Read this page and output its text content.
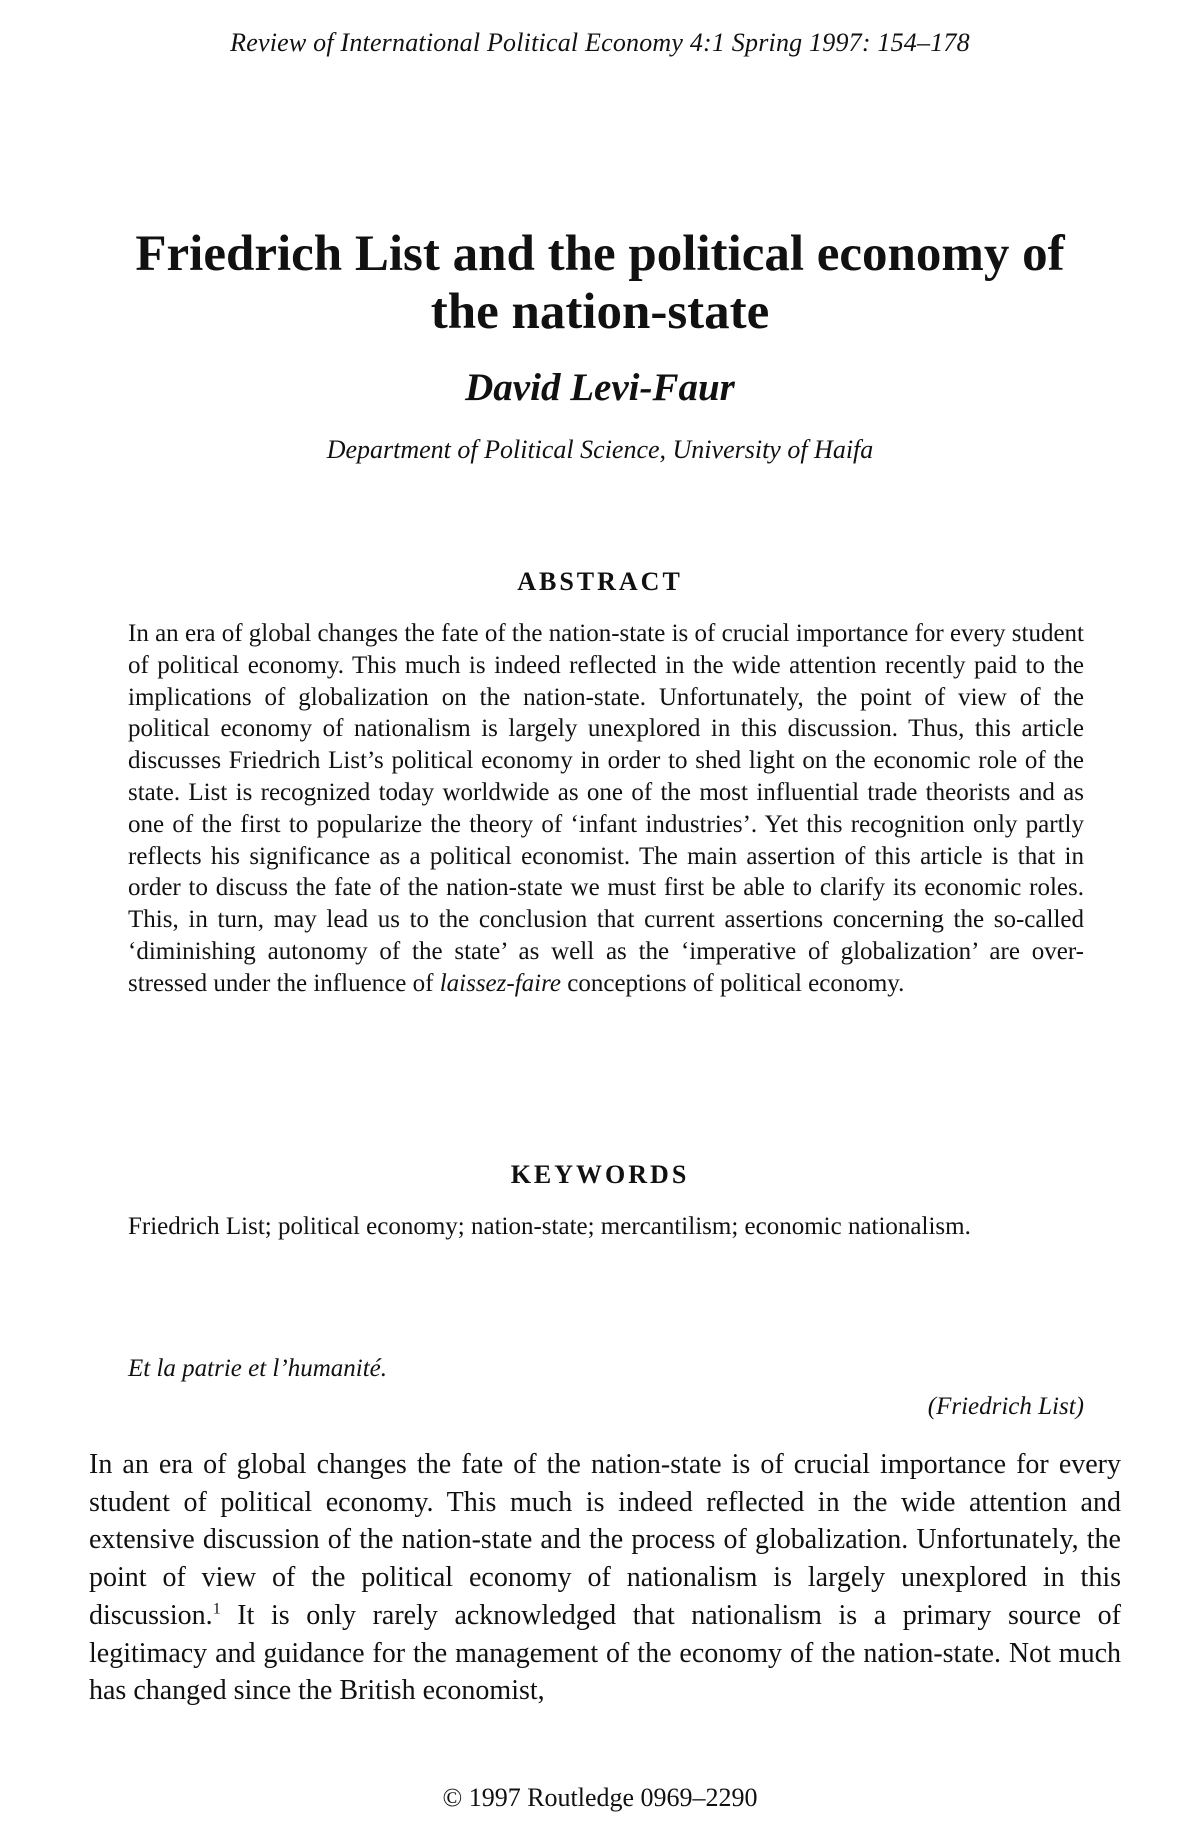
Review of International Political Economy 4:1 Spring 1997: 154–178
Friedrich List and the political economy of the nation-state
David Levi-Faur
Department of Political Science, University of Haifa
ABSTRACT

In an era of global changes the fate of the nation-state is of crucial importance for every student of political economy. This much is indeed reflected in the wide attention recently paid to the implications of globalization on the nation-state. Unfortunately, the point of view of the political economy of nationalism is largely unexplored in this discussion. Thus, this article discusses Friedrich List’s political economy in order to shed light on the economic role of the state. List is recognized today worldwide as one of the most influential trade theorists and as one of the first to popularize the theory of ‘infant industries’. Yet this recognition only partly reflects his significance as a political economist. The main assertion of this article is that in order to discuss the fate of the nation-state we must first be able to clarify its economic roles. This, in turn, may lead us to the conclusion that current assertions concerning the so-called ‘diminishing autonomy of the state’ as well as the ‘imperative of globalization’ are over-stressed under the influence of laissez-faire conceptions of political economy.

KEYWORDS

Friedrich List; political economy; nation-state; mercantilism; economic nationalism.

Et la patrie et l’humanité.
(Friedrich List)

In an era of global changes the fate of the nation-state is of crucial importance for every student of political economy. This much is indeed reflected in the wide attention and extensive discussion of the nation-state and the process of globalization. Unfortunately, the point of view of the political economy of nationalism is largely unexplored in this discussion.$^1$ It is only rarely acknowledged that nationalism is a primary source of legitimacy and guidance for the management of the economy of the nation-state. Not much has changed since the British economist,

© 1997 Routledge 0969–2290
